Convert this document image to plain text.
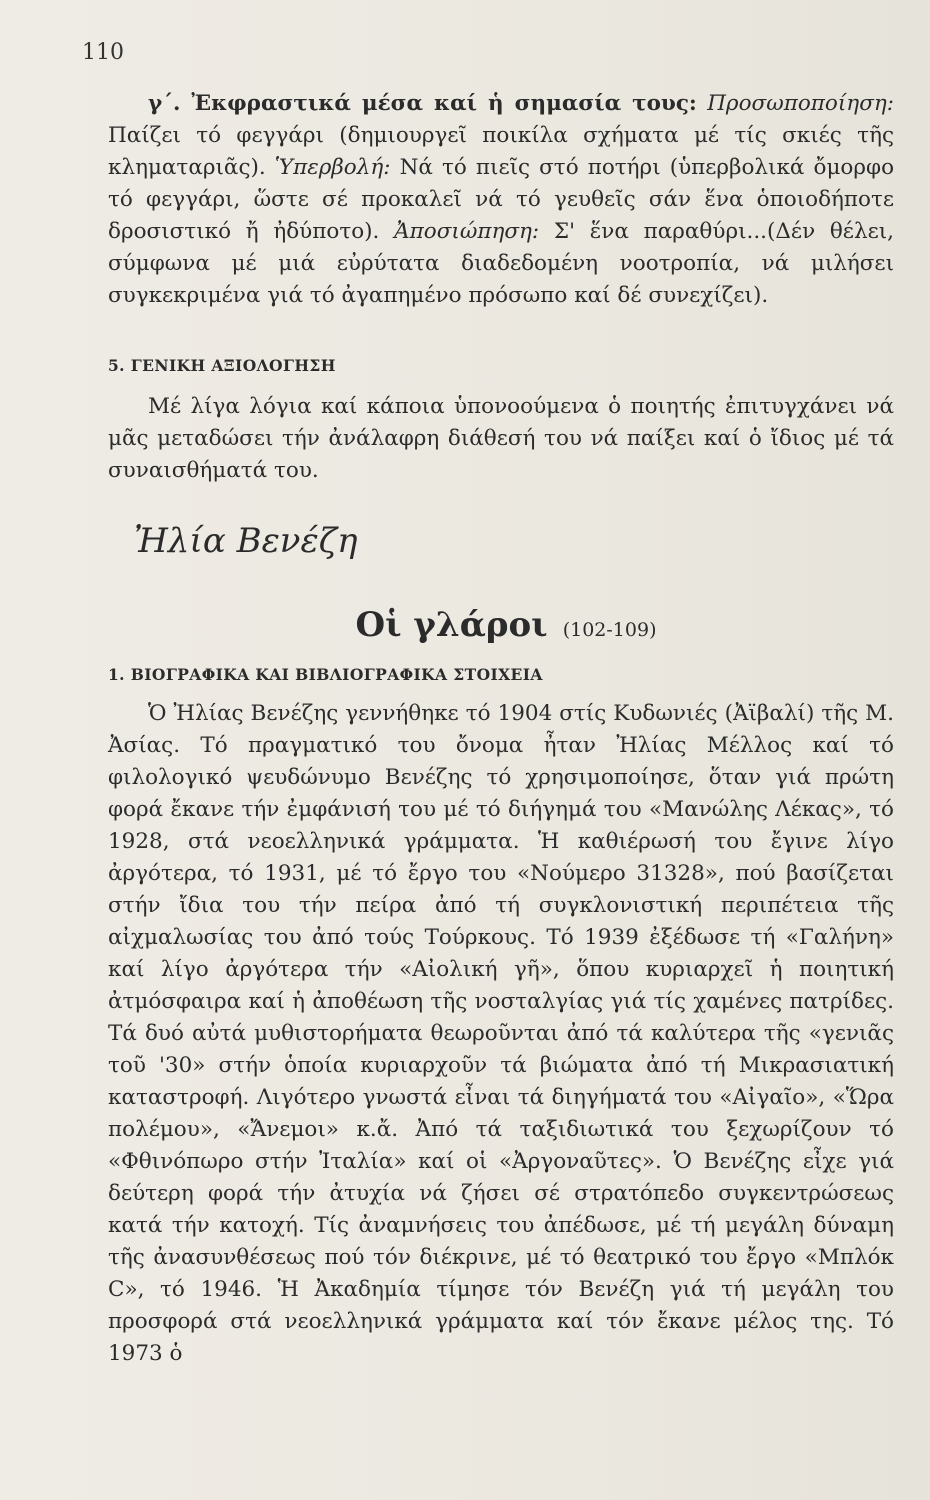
110

γ΄. Ἐκφραστικά μέσα καί ἡ σημασία τους: Προσωποποίηση: Παίζει τό φεγγάρι (δημιουργεῖ ποικίλα σχήματα μέ τίς σκιές τῆς κληματαριᾶς). Ὑπερβολή: Νά τό πιεῖς στό ποτήρι (ὑπερβολικά ὄμορφο τό φεγγάρι, ὥστε σέ προκαλεῖ νά τό γευθεῖς σάν ἕνα ὁποιοδήποτε δροσιστικό ἤ ἠδύποτο). Ἀποσιώπηση: Σ' ἕνα παραθύρι...(Δέν θέλει, σύμφωνα μέ μιά εὐρύτατα διαδεδομένη νοοτροπία, νά μιλήσει συγκεκριμένα γιά τό ἀγαπημένο πρόσωπο καί δέ συνεχίζει).

5. ΓΕΝΙΚΗ ΑΞΙΟΛΟΓΗΣΗ

Μέ λίγα λόγια καί κάποια ὑπονοούμενα ὁ ποιητής ἐπιτυγχάνει νά μᾶς μεταδώσει τήν ἀνάλαφρη διάθεσή του νά παίξει καί ὁ ἴδιος μέ τά συναισθήματά του.

Ἠλία Βενέζη
Οἱ γλάροι (102-109)
1. ΒΙΟΓΡΑΦΙΚΑ ΚΑΙ ΒΙΒΛΙΟΓΡΑΦΙΚΑ ΣΤΟΙΧΕΙΑ

Ὁ Ἠλίας Βενέζης γεννήθηκε τό 1904 στίς Κυδωνιές (Ἀϊβαλί) τῆς Μ. Ἀσίας. Τό πραγματικό του ὄνομα ἦταν Ἠλίας Μέλλος καί τό φιλολογικό ψευδώνυμο Βενέζης τό χρησιμοποίησε, ὅταν γιά πρώτη φορά ἔκανε τήν ἐμφάνισή του μέ τό διήγημά του «Μανώλης Λέκας», τό 1928, στά νεοελληνικά γράμματα. Ἡ καθιέρωσή του ἔγινε λίγο ἀργότερα, τό 1931, μέ τό ἔργο του «Νούμερο 31328», πού βασίζεται στήν ἴδια του τήν πείρα ἀπό τή συγκλονιστική περιπέτεια τῆς αἰχμαλωσίας του ἀπό τούς Τούρκους. Τό 1939 ἐξέδωσε τή «Γαλήνη» καί λίγο ἀργότερα τήν «Αἰολική γῆ», ὅπου κυριαρχεῖ ἡ ποιητική ἀτμόσφαιρα καί ἡ ἀποθέωση τῆς νοσταλγίας γιά τίς χαμένες πατρίδες. Τά δυό αὐτά μυθιστορήματα θεωροῦνται ἀπό τά καλύτερα τῆς «γενιᾶς τοῦ '30» στήν ὁποία κυριαρχοῦν τά βιώματα ἀπό τή Μικρασιατική καταστροφή. Λιγότερο γνωστά εἶναι τά διηγήματά του «Αἰγαῖο», «Ὥρα πολέμου», «Ἄνεμοι» κ.ἄ. Ἀπό τά ταξιδιωτικά του ξεχωρίζουν τό «Φθινόπωρο στήν Ἰταλία» καί οἱ «Ἀργοναῦτες». Ὁ Βενέζης εἶχε γιά δεύτερη φορά τήν ἀτυχία νά ζήσει σέ στρατόπεδο συγκεντρώσεως κατά τήν κατοχή. Τίς ἀναμνήσεις του ἀπέδωσε, μέ τή μεγάλη δύναμη τῆς ἀνασυνθέσεως πού τόν διέκρινε, μέ τό θεατρικό του ἔργο «Μπλόκ C», τό 1946. Ἡ Ἀκαδημία τίμησε τόν Βενέζη γιά τή μεγάλη του προσφορά στά νεοελληνικά γράμματα καί τόν ἔκανε μέλος της. Τό 1973 ὁ
